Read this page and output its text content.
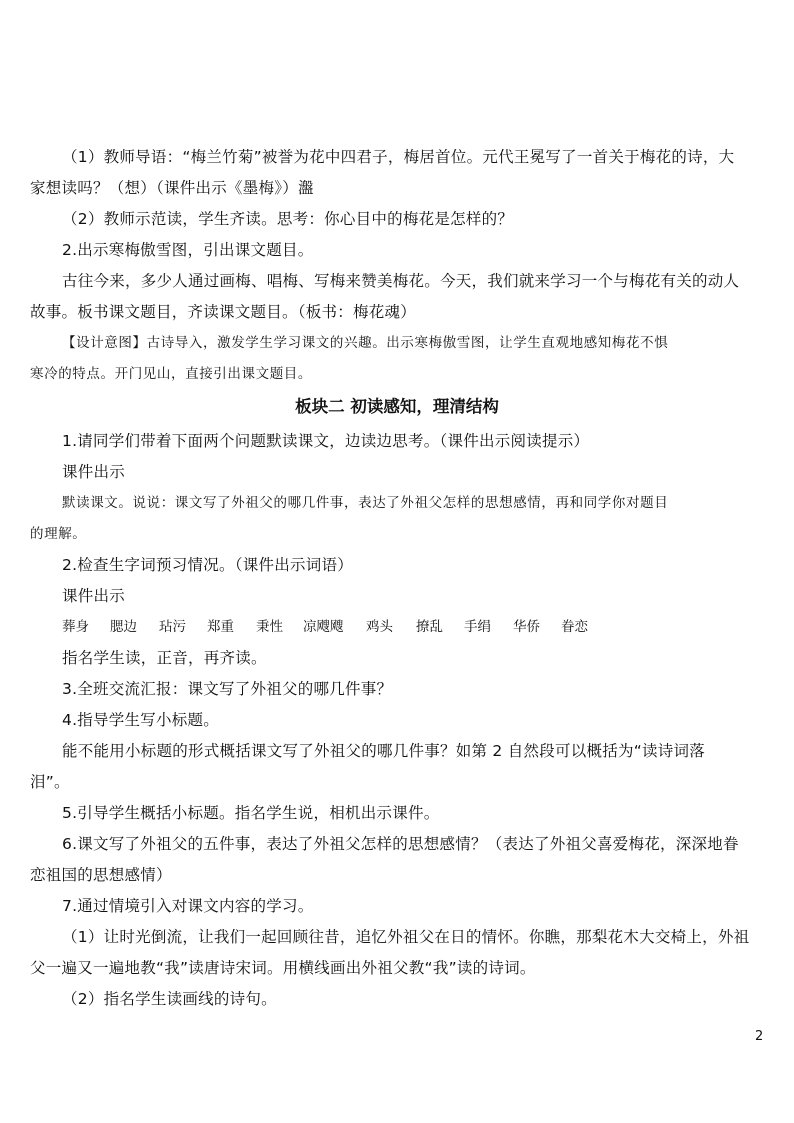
（1）教师导语：“梅兰竹菊”被誉为花中四君子，梅居首位。元代王冕写了一首关于梅花的诗，大

家想读吗？（想）（课件出示《墨梅》）瀊

（2）教师示范读，学生齐读。思考：你心目中的梅花是怎样的？

2.出示寒梅傲雪图，引出课文题目。

古往今来，多少人通过画梅、唱梅、写梅来赞美梅花。今天，我们就来学习一个与梅花有关的动人

故事。板书课文题目，齐读课文题目。（板书：梅花魂）

【设计意图】古诗导入，激发学生学习课文的兴趣。出示寒梅傲雪图，让学生直观地感知梅花不惧

寒冷的特点。开门见山，直接引出课文题目。

板块二 初读感知，理清结构

1.请同学们带着下面两个问题默读课文，边读边思考。（课件出示阅读提示）

课件出示

默读课文。说说：课文写了外祖父的哪几件事，表达了外祖父怎样的思想感情，再和同学你对题目

的理解。

2.检查生字词预习情况。（课件出示词语）

课件出示

葬身 腮边 玷污 郑重 秉性 凉飕飕 鸡头 撩乱 手绢 华侨 眷恋

指名学生读，正音，再齐读。

3.全班交流汇报：课文写了外祖父的哪几件事？

4.指导学生写小标题。

能不能用小标题的形式概括课文写了外祖父的哪几件事？如第 2 自然段可以概括为“读诗词落

泪”。

5.引导学生概括小标题。指名学生说，相机出示课件。

6.课文写了外祖父的五件事，表达了外祖父怎样的思想感情？（表达了外祖父喜爱梅花，深深地眷

恋祖国的思想感情）

7.通过情境引入对课文内容的学习。

（1）让时光倒流，让我们一起回顾往昔，追忆外祖父在日的情怀。你瞧，那梨花木大交椅上，外祖

父一遍又一遍地教“我”读唐诗宋词。用横线画出外祖父教“我”读的诗词。

（2）指名学生读画线的诗句。

2
